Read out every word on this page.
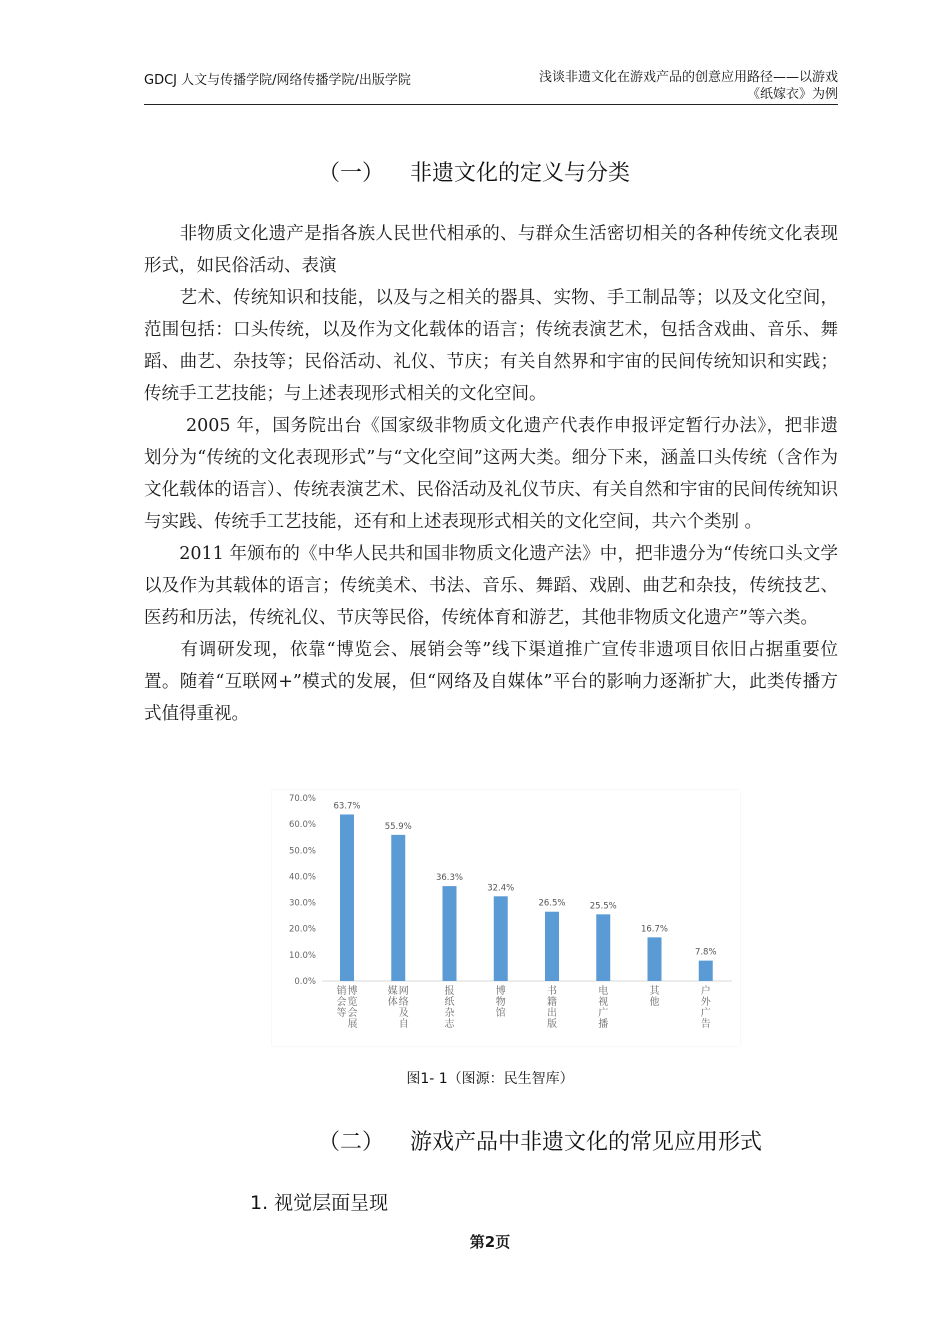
GDCJ 人文与传播学院/网络传播学院/出版学院	浅谈非遗文化在游戏产品的创意应用路径——以游戏
《纸嫁衣》为例
（一） 非遗文化的定义与分类

　　非物质文化遗产是指各族人民世代相承的、与群众生活密切相关的各种传统文化表现形式，如民俗活动、表演

　　艺术、传统知识和技能，以及与之相关的器具、实物、手工制品等；以及文化空间，范围包括：口头传统，以及作为文化载体的语言；传统表演艺术，包括含戏曲、音乐、舞蹈、曲艺、杂技等；民俗活动、礼仪、节庆；有关自然界和宇宙的民间传统知识和实践；传统手工艺技能；与上述表现形式相关的文化空间。

　　 2005 年，国务院出台《国家级非物质文化遗产代表作申报评定暂行办法》，把非遗划分为“传统的文化表现形式”与“文化空间”这两大类。细分下来，涵盖口头传统（含作为文化载体的语言）、传统表演艺术、民俗活动及礼仪节庆、有关自然和宇宙的民间传统知识与实践、传统手工艺技能，还有和上述表现形式相关的文化空间，共六个类别 。

　　2011 年颁布的《中华人民共和国非物质文化遗产法》中，把非遗分为“传统口头文学以及作为其载体的语言；传统美术、书法、音乐、舞蹈、戏剧、曲艺和杂技，传统技艺、医药和历法，传统礼仪、节庆等民俗，传统体育和游艺，其他非物质文化遗产”等六类。

　　有调研发现，依靠“博览会、展销会等”线下渠道推广宣传非遗项目依旧占据重要位置。随着“互联网+”模式的发展，但“网络及自媒体”平台的影响力逐渐扩大，此类传播方式值得重视。

0.0%
10.0%
20.0%
30.0%
40.0%
50.0%
60.0%
70.0%
63.7%
博览会展销会等
55.9%
网络及自媒体
36.3%
报纸杂志
32.4%
博物馆
26.5%
书籍出版
25.5%
电视广播
16.7%
其他
7.8%
户外广告
图1- 1（图源：民生智库）
（二） 游戏产品中非遗文化的常见应用形式
1. 视觉层面呈现
第2页
